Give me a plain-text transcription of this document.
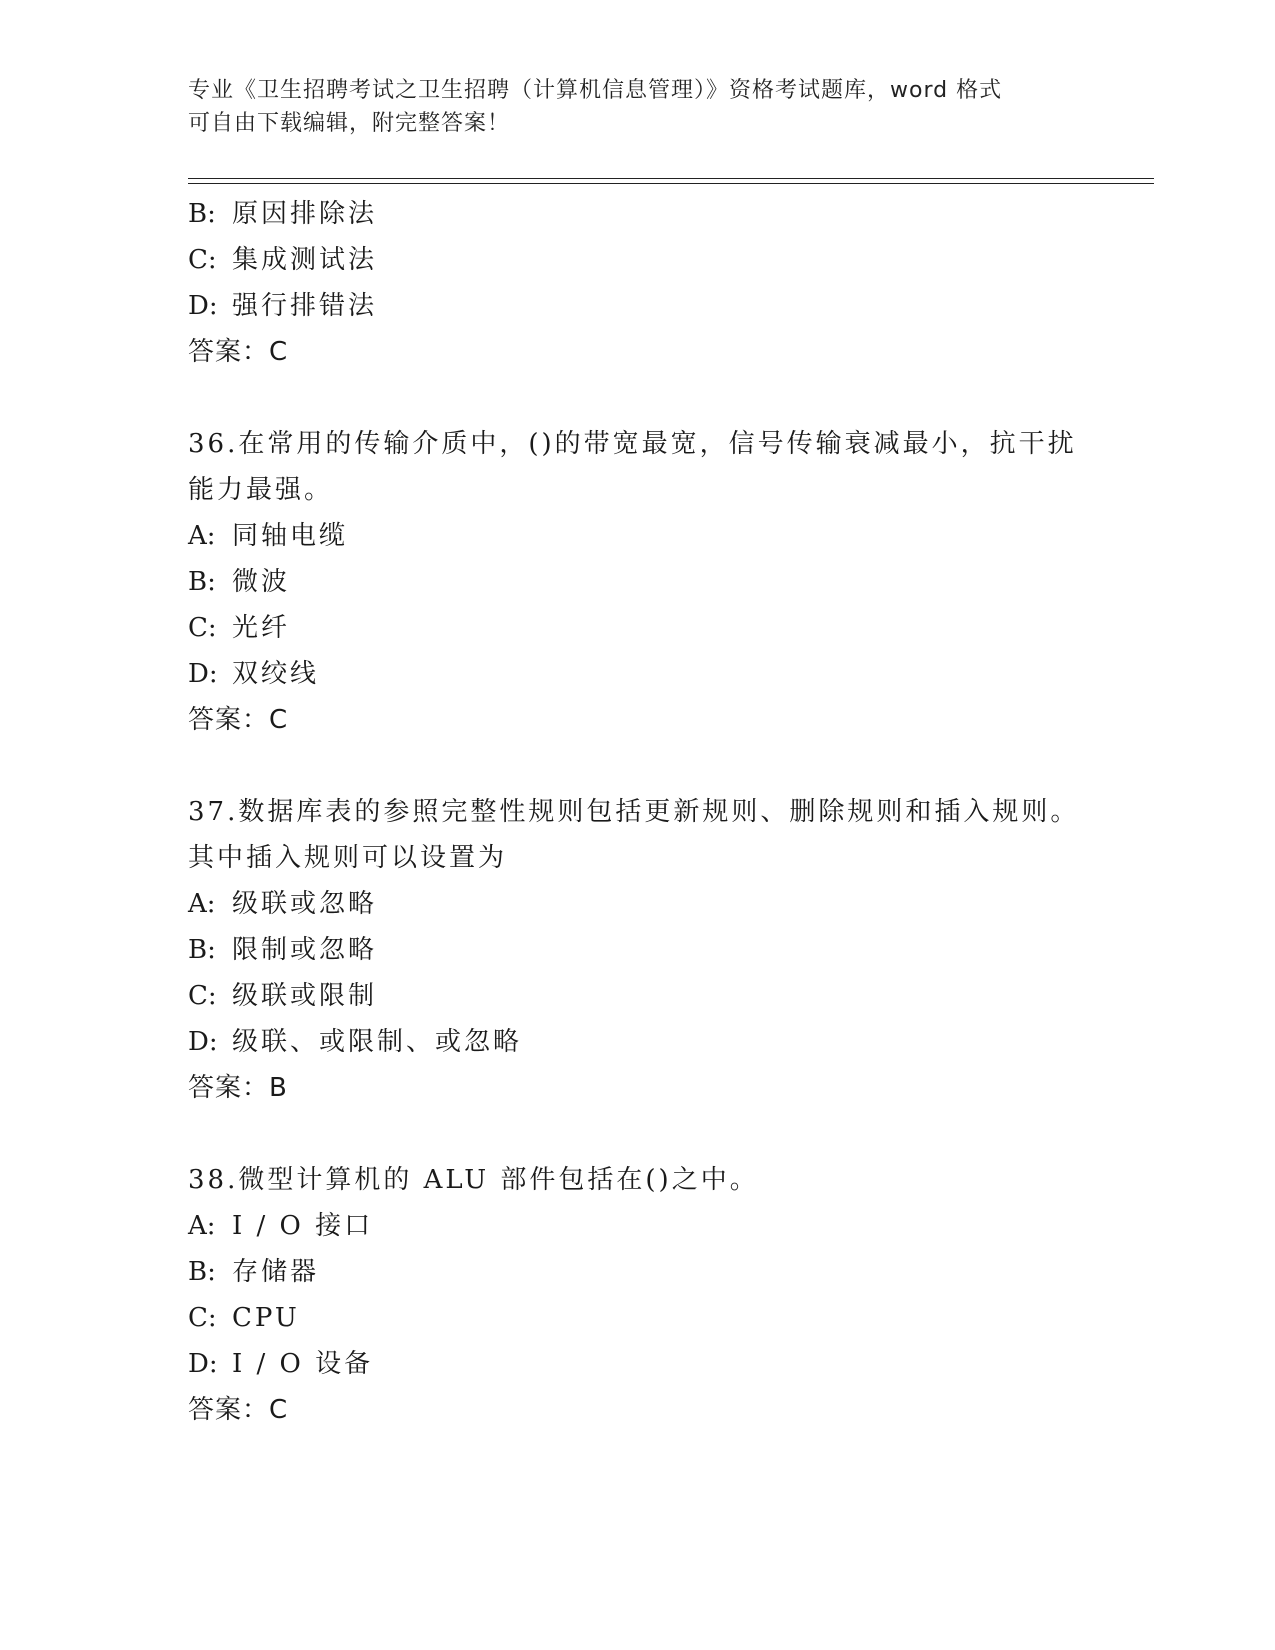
专业《卫生招聘考试之卫生招聘（计算机信息管理）》资格考试题库，word 格式
可自由下载编辑，附完整答案！
B: 原因排除法
C: 集成测试法
D: 强行排错法
答案：C
36.在常用的传输介质中，()的带宽最宽，信号传输衰减最小，抗干扰
能力最强。
A: 同轴电缆
B: 微波
C: 光纤
D: 双绞线
答案：C
37.数据库表的参照完整性规则包括更新规则、删除规则和插入规则。
其中插入规则可以设置为
A: 级联或忽略
B: 限制或忽略
C: 级联或限制
D: 级联、或限制、或忽略
答案：B
38.微型计算机的 ALU 部件包括在()之中。
A: I / O 接口
B: 存储器
C: CPU
D: I / O 设备
答案：C
